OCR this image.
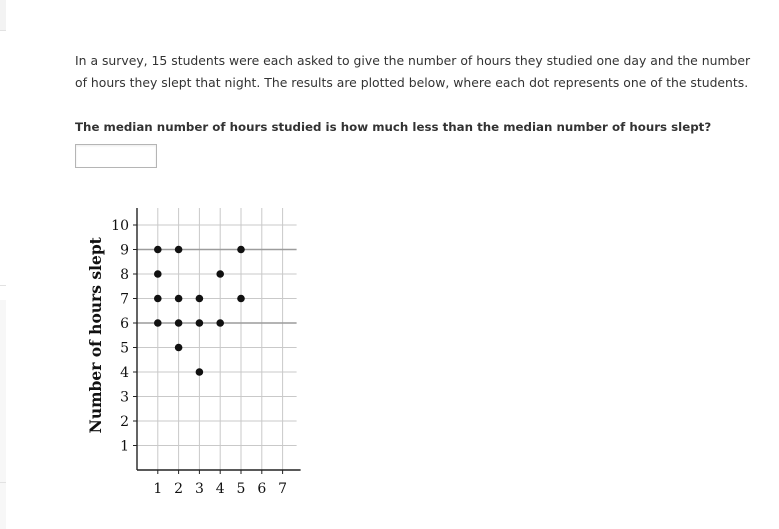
In a survey, 15 students were each asked to give the number of hours they studied one day and the number of hours they slept that night. The results are plotted below, where each dot represents one of the students.
The median number of hours studied is how much less than the median number of hours slept?
1 2 3 4 5 6 7
1
2
3
4
5
6
7
8
9
10
Number of hours slept
